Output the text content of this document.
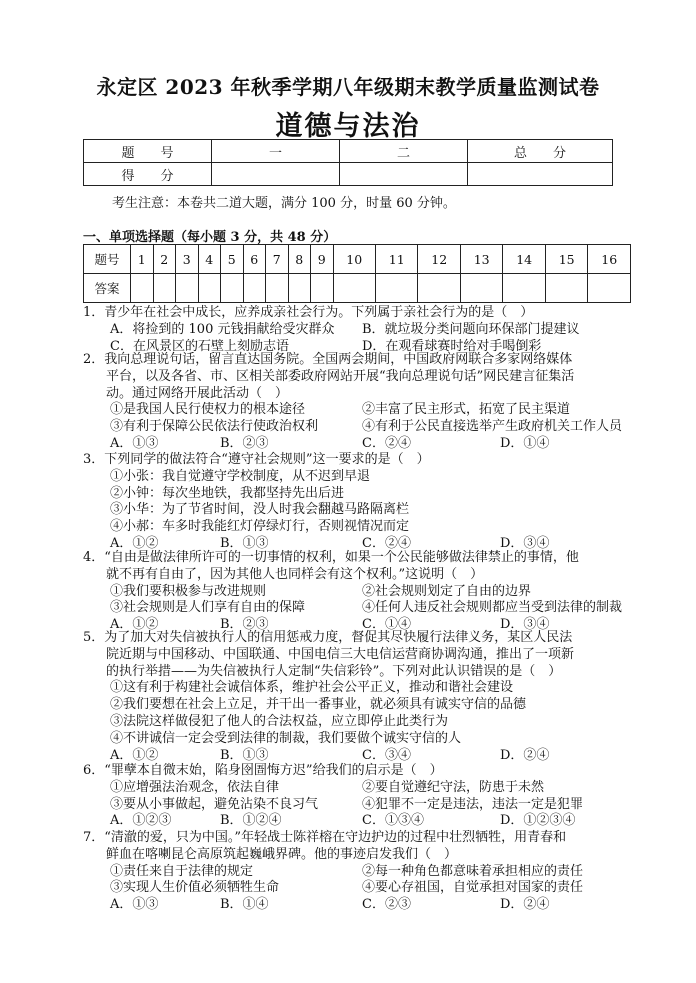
永定区 2023 年秋季学期八年级期末教学质量监测试卷
道德与法治
题　　号	一	二	总　　分
得　　分			
考生注意：本卷共二道大题，满分 100 分，时量 60 分钟。
一、单项选择题（每小题 3 分，共 48 分）
题号	1	2	3	4	5	6	7	8	9	10	11	12	13	14	15	16
答案																
1．青少年在社会中成长，应养成亲社会行为。下列属于亲社会行为的是（　）
A．将捡到的 100 元钱捐献给受灾群众 B．就垃圾分类问题向环保部门提建议
C．在风景区的石壁上刻励志语	D．在观看球赛时给对手喝倒彩
2．我向总理说句话，留言直达国务院。全国两会期间，中国政府网联合多家网络媒体
平台，以及各省、市、区相关部委政府网站开展“我向总理说句话”网民建言征集活
动。通过网络开展此活动（　）
①是我国人民行使权力的根本途径	②丰富了民主形式，拓宽了民主渠道
③有利于保障公民依法行使政治权利	④有利于公民直接选举产生政府机关工作人员
A．①③	B．②③	C．②④	D．①④
3．下列同学的做法符合“遵守社会规则”这一要求的是（　）
①小张：我自觉遵守学校制度，从不迟到早退
②小钟：每次坐地铁，我都坚持先出后进
③小华：为了节省时间，没人时我会翻越马路隔离栏
④小郝：车多时我能红灯停绿灯行，否则视情况而定
A．①②	B．①③	C．②④	D．③④
4．“自由是做法律所许可的一切事情的权利，如果一个公民能够做法律禁止的事情，他
就不再有自由了，因为其他人也同样会有这个权利。”这说明（　）
①我们要积极参与改进规则	②社会规则划定了自由的边界
③社会规则是人们享有自由的保障	④任何人违反社会规则都应当受到法律的制裁
A．①②	B．②③	C．①④	D．③④
5．为了加大对失信被执行人的信用惩戒力度，督促其尽快履行法律义务，某区人民法
院近期与中国移动、中国联通、中国电信三大电信运营商协调沟通，推出了一项新
的执行举措——为失信被执行人定制“失信彩铃”。下列对此认识错误的是（　）
①这有利于构建社会诚信体系，维护社会公平正义，推动和谐社会建设
②我们要想在社会上立足，并干出一番事业，就必须具有诚实守信的品德
③法院这样做侵犯了他人的合法权益，应立即停止此类行为
④不讲诚信一定会受到法律的制裁，我们要做个诚实守信的人
A．①②	B．①③	C．③④	D．②④
6．“罪孽本自微末始，陷身囹圄悔方迟”给我们的启示是（　）
①应增强法治观念，依法自律	②要自觉遵纪守法，防患于未然
③要从小事做起，避免沾染不良习气	④犯罪不一定是违法，违法一定是犯罪
A．①②③	B．①②④	C．①③④	D．①②③④
7．“清澈的爱，只为中国。”年轻战士陈祥榕在守边护边的过程中壮烈牺牲，用青春和
鲜血在喀喇昆仑高原筑起巍峨界碑。他的事迹启发我们（　）
①责任来自于法律的规定	②每一种角色都意味着承担相应的责任
③实现人生价值必须牺牲生命	④要心存祖国，自觉承担对国家的责任
A．①③	B．①④	C．②③	D．②④
